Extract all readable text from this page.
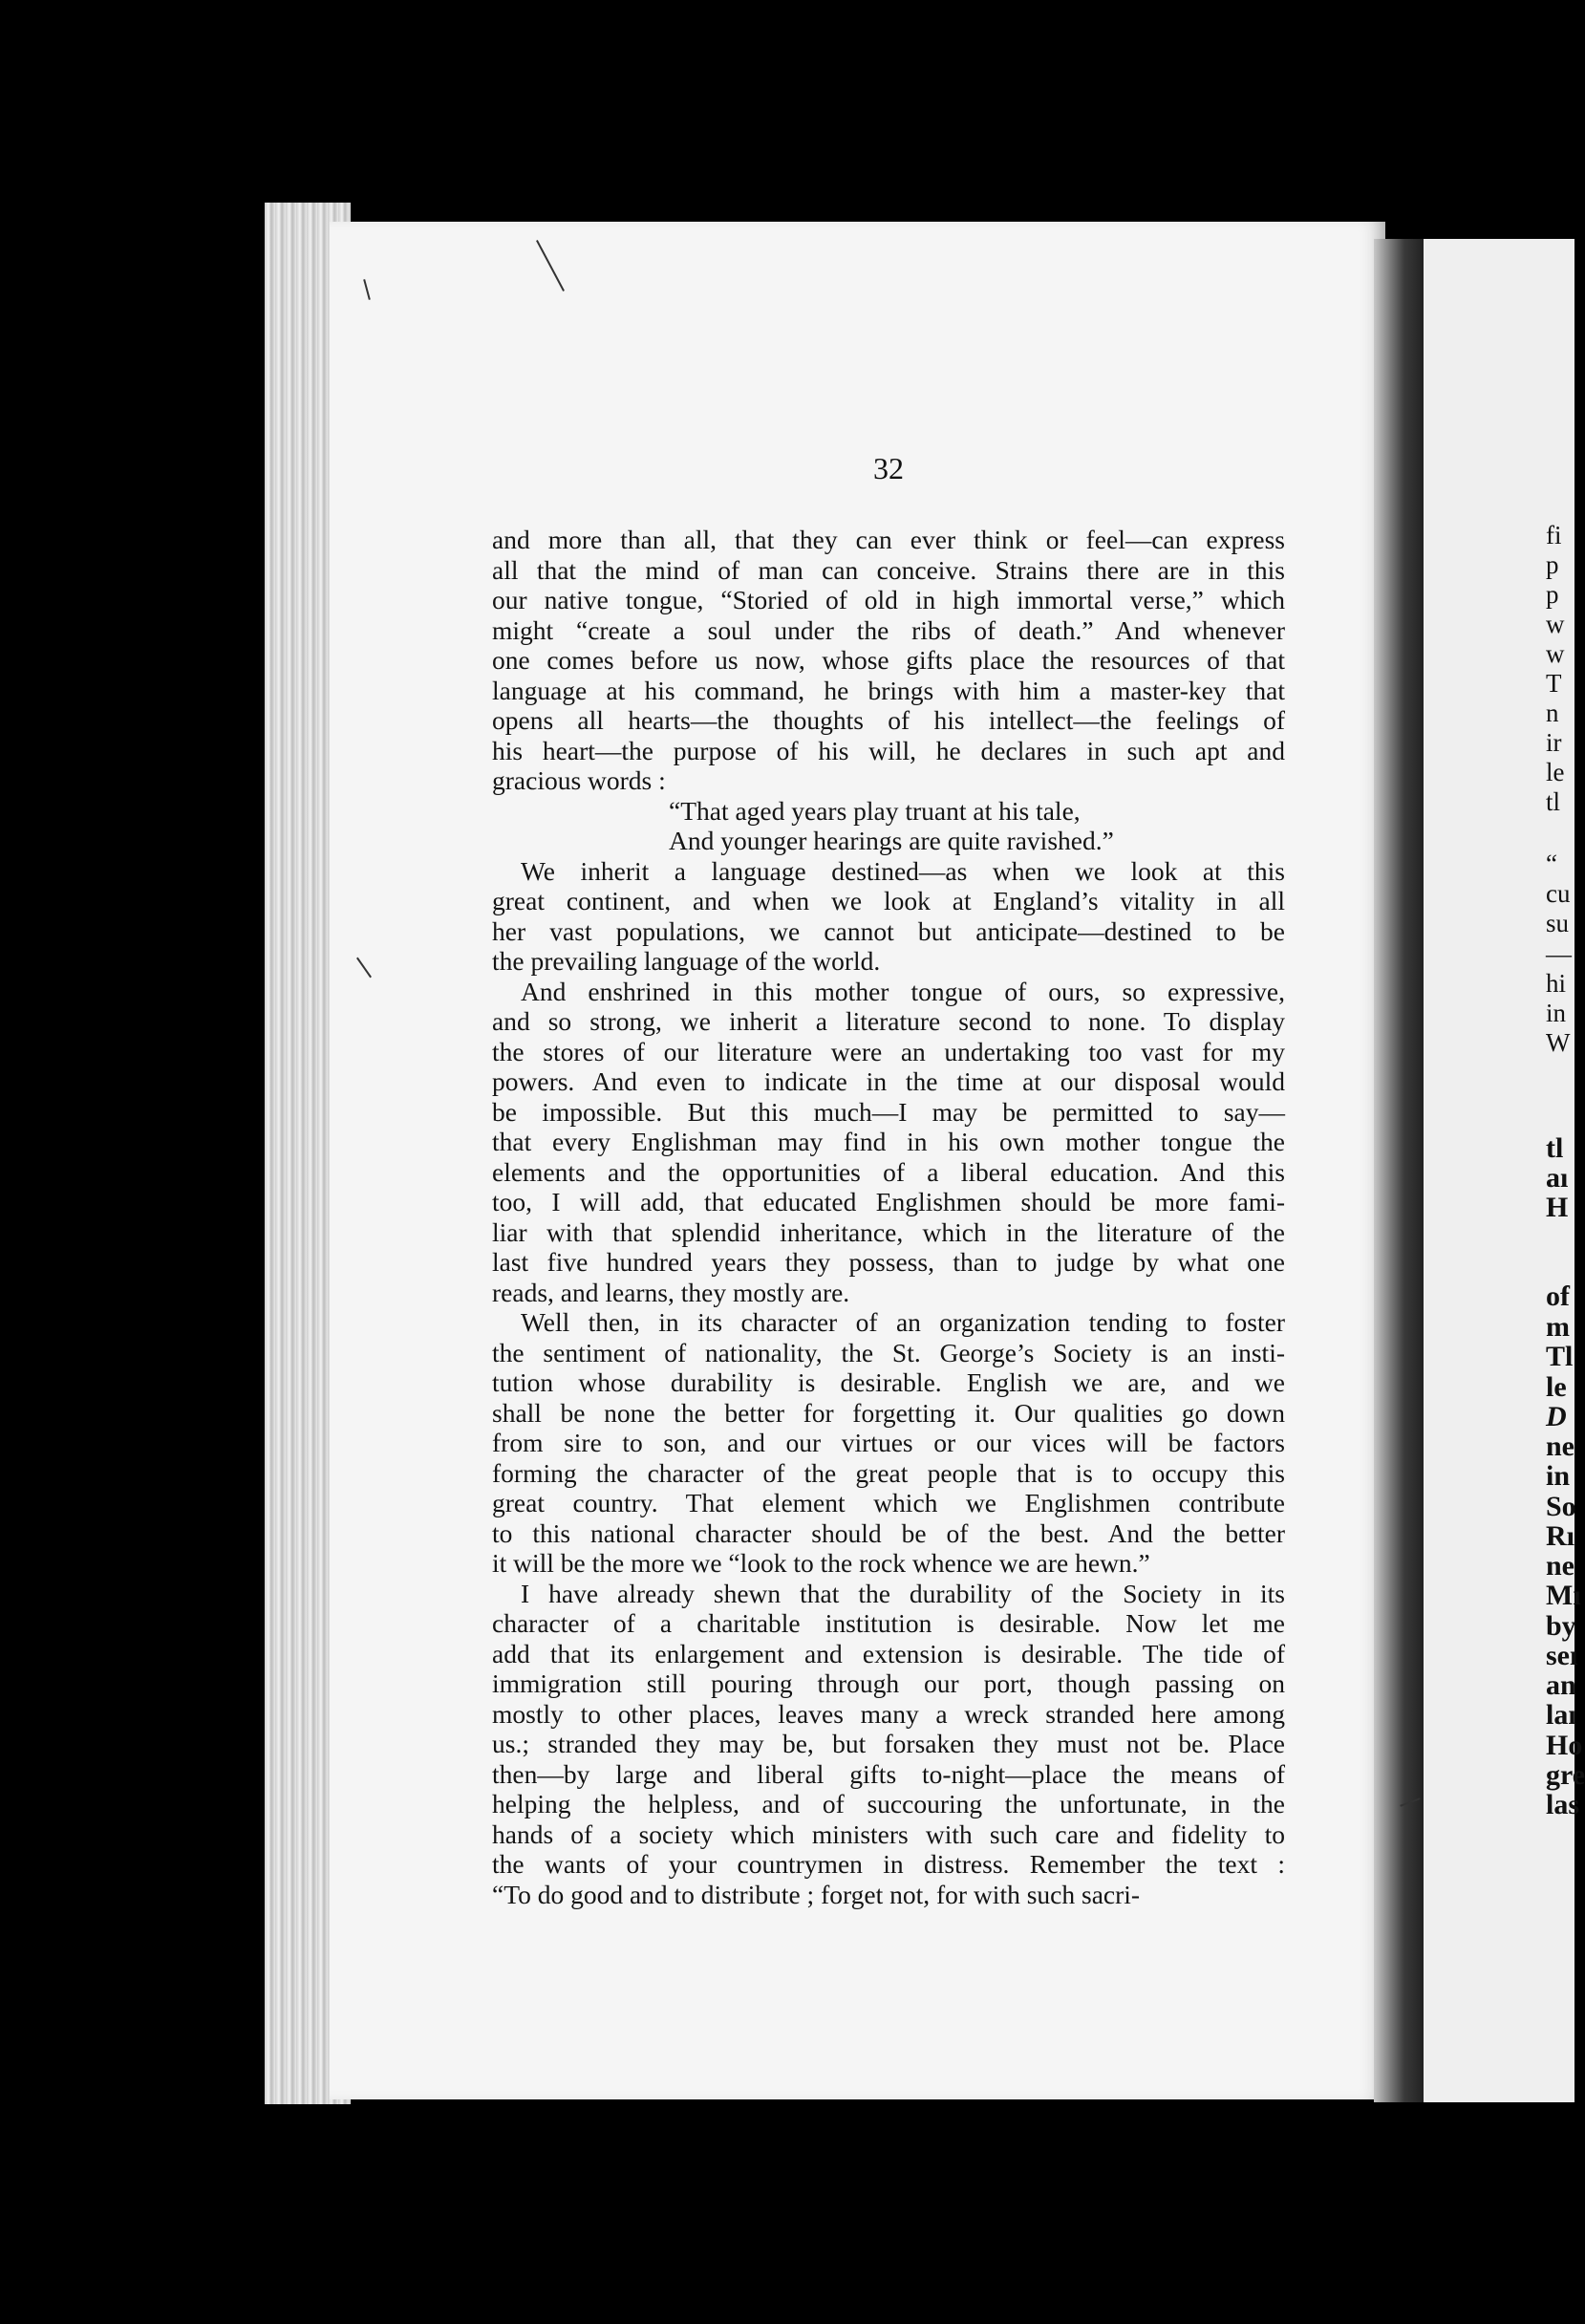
32
and more than all, that they can ever think or feel—can express
all that the mind of man can conceive. Strains there are in this
our native tongue, “Storied of old in high immortal verse,” which
might “create a soul under the ribs of death.” And whenever
one comes before us now, whose gifts place the resources of that
language at his command, he brings with him a master-key that
opens all hearts—the thoughts of his intellect—the feelings of
his heart—the purpose of his will, he declares in such apt and
gracious words :
“That aged years play truant at his tale,
And younger hearings are quite ravished.”
We inherit a language destined—as when we look at this
great continent, and when we look at England’s vitality in all
her vast populations, we cannot but anticipate—destined to be
the prevailing language of the world.
And enshrined in this mother tongue of ours, so expressive,
and so strong, we inherit a literature second to none. To display
the stores of our literature were an undertaking too vast for my
powers. And even to indicate in the time at our disposal would
be impossible. But this much—I may be permitted to say—
that every Englishman may find in his own mother tongue the
elements and the opportunities of a liberal education. And this
too, I will add, that educated Englishmen should be more fami-
liar with that splendid inheritance, which in the literature of the
last five hundred years they possess, than to judge by what one
reads, and learns, they mostly are.
Well then, in its character of an organization tending to foster
the sentiment of nationality, the St. George’s Society is an insti-
tution whose durability is desirable. English we are, and we
shall be none the better for forgetting it. Our qualities go down
from sire to son, and our virtues or our vices will be factors
forming the character of the great people that is to occupy this
great country. That element which we Englishmen contribute
to this national character should be of the best. And the better
it will be the more we “look to the rock whence we are hewn.”
I have already shewn that the durability of the Society in its
character of a charitable institution is desirable. Now let me
add that its enlargement and extension is desirable. The tide of
immigration still pouring through our port, though passing on
mostly to other places, leaves many a wreck stranded here among
us.; stranded they may be, but forsaken they must not be. Place
then—by large and liberal gifts to-night—place the means of
helping the helpless, and of succouring the unfortunate, in the
hands of a society which ministers with such care and fidelity to
the wants of your countrymen in distress. Remember the text :
“To do good and to distribute ; forget not, for with such sacri-
fi
p
p
w
w
T
n
ir
le
tl
“
cu
su
—
hi
in
W
tl
aı
H
of
m
Tl
le
D
ne
in
So
Rı
ne
Mı
by
seı
an
laı
Ho
gre
las
